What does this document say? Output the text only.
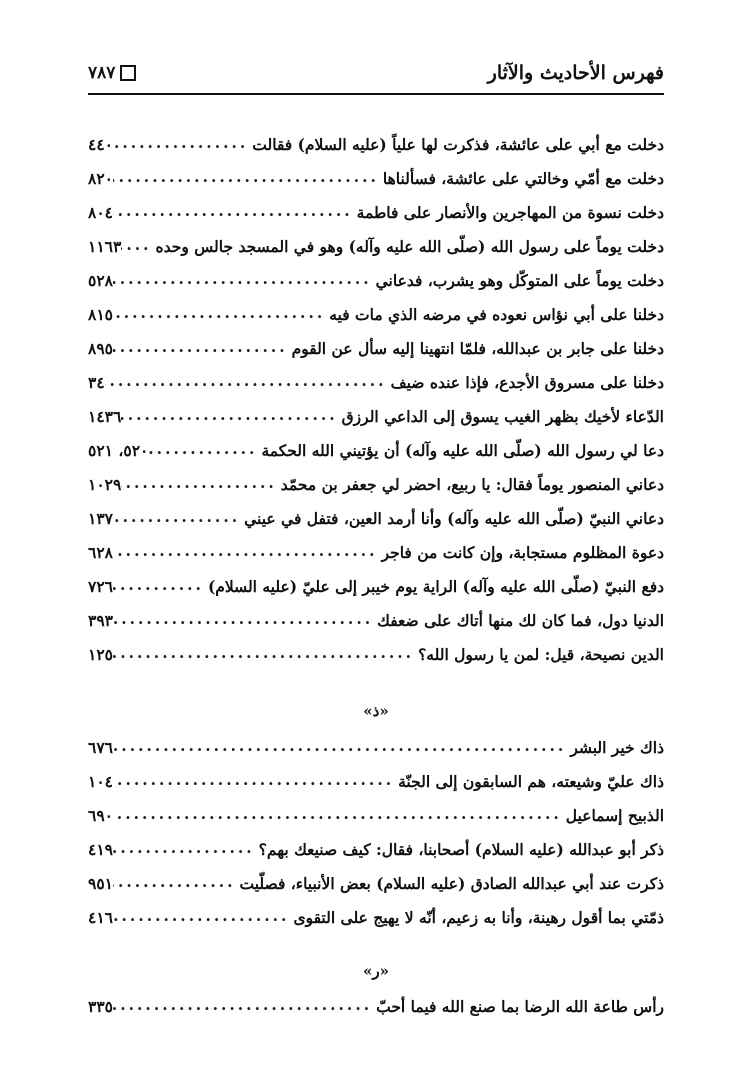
فهرس الأحاديث والآثار
٧٨٧
دخلت مع أبي على عائشة، فذكرت لها علياً (عليه السلام) فقالت
.....
٤٤٠
دخلت مع أمّي وخالتي على عائشة، فسألناها
.....
٨٢٠
دخلت نسوة من المهاجرين والأنصار على فاطمة
.....
٨٠٤
دخلت يوماً على رسول الله (صلّى الله عليه وآله) وهو في المسجد جالس وحده
.....
١١٦٣
دخلت يوماً على المتوكّل وهو يشرب، فدعاني
.....
٥٢٨
دخلنا على أبي نؤاس نعوده في مرضه الذي مات فيه
.....
٨١٥
دخلنا على جابر بن عبدالله، فلمّا انتهينا إليه سأل عن القوم
.....
٨٩٥
دخلنا على مسروق الأجدع، فإذا عنده ضيف
.....
٣٤
الدّعاء لأخيك بظهر الغيب يسوق إلى الداعي الرزق
.....
١٤٣٦
دعا لي رسول الله (صلّى الله عليه وآله) أن يؤتيني الله الحكمة
.....
٥٢٠، ٥٢١
دعاني المنصور يوماً فقال: يا ربيع، احضر لي جعفر بن محمّد
.....
١٠٢٩
دعاني النبيّ (صلّى الله عليه وآله) وأنا أرمد العين، فتفل في عيني
.....
١٣٧
دعوة المظلوم مستجابة، وإن كانت من فاجر
.....
٦٢٨
دفع النبيّ (صلّى الله عليه وآله) الراية يوم خيبر إلى عليّ (عليه السلام)
.....
٧٢٦
الدنيا دول، فما كان لك منها أتاك على ضعفك
.....
٣٩٣
الدين نصيحة، قيل: لمن يا رسول الله؟
.....
١٢٥
«ذ»
ذاك خير البشر
.....
٦٧٦
ذاك عليّ وشيعته، هم السابقون إلى الجنّة
.....
١٠٤
الذبيح إسماعيل
.....
٦٩٠
ذكر أبو عبدالله (عليه السلام) أصحابنا، فقال: كيف صنيعك بهم؟
.....
٤١٩
ذكرت عند أبي عبدالله الصادق (عليه السلام) بعض الأنبياء، فصلّيت
.....
٩٥١
ذمّتي بما أقول رهينة، وأنا به زعيم، أنّه لا يهيج على التقوى
.....
٤١٦
«ر»
رأس طاعة الله الرضا بما صنع الله فيما أحبّ
.....
٣٣٥
